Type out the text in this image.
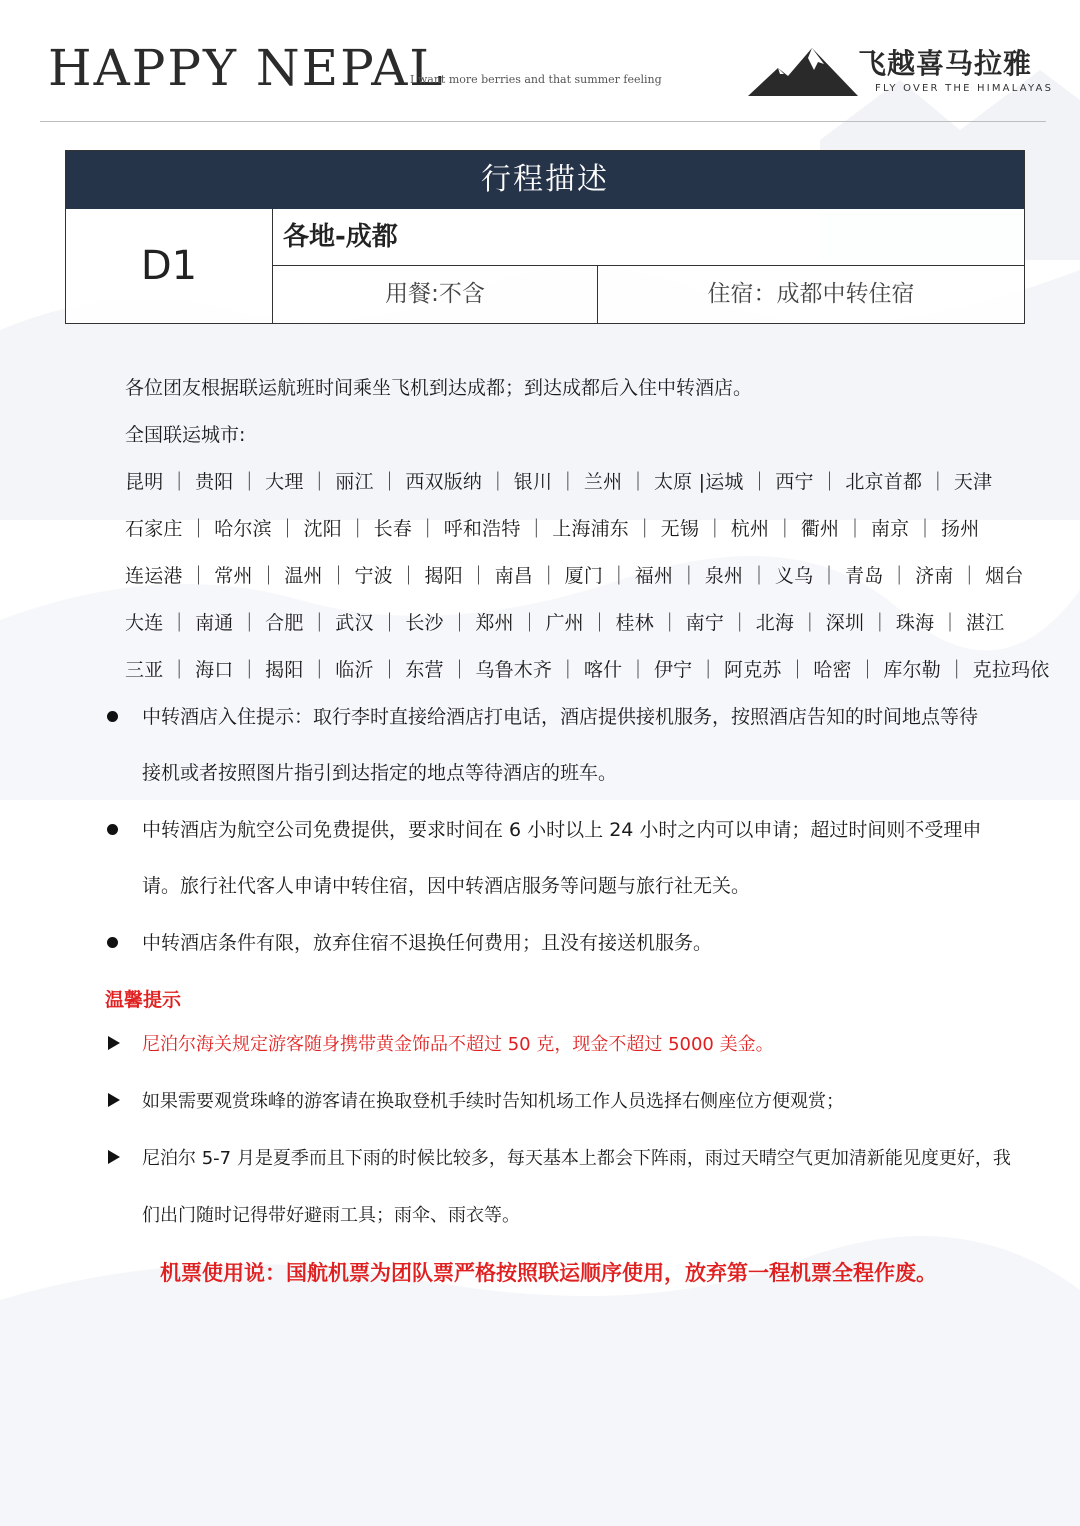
HAPPY NEPAL
I want more berries and that summer feeling	飞越喜马拉雅
FLY OVER THE HIMALAYAS
行程描述
D1
各地-成都
用餐:不含	住宿：成都中转住宿
各位团友根据联运航班时间乘坐飞机到达成都；到达成都后入住中转酒店。
全国联运城市:
昆明 ｜ 贵阳 ｜ 大理 ｜ 丽江 ｜ 西双版纳 ｜ 银川 ｜ 兰州 ｜ 太原 |运城 ｜ 西宁 ｜ 北京首都 ｜ 天津
石家庄 ｜ 哈尔滨 ｜ 沈阳 ｜ 长春 ｜ 呼和浩特 ｜ 上海浦东 ｜ 无锡 ｜ 杭州 ｜ 衢州 ｜ 南京 ｜ 扬州
连运港 ｜ 常州 ｜ 温州 ｜ 宁波 ｜ 揭阳 ｜ 南昌 ｜ 厦门 ｜ 福州 ｜ 泉州 ｜ 义乌 ｜ 青岛 ｜ 济南 ｜ 烟台
大连 ｜ 南通 ｜ 合肥 ｜ 武汉 ｜ 长沙 ｜ 郑州 ｜ 广州 ｜ 桂林 ｜ 南宁 ｜ 北海 ｜ 深圳 ｜ 珠海 ｜ 湛江
三亚 ｜ 海口 ｜ 揭阳 ｜ 临沂 ｜ 东营 ｜ 乌鲁木齐 ｜ 喀什 ｜ 伊宁 ｜ 阿克苏 ｜ 哈密 ｜ 库尔勒 ｜ 克拉玛依
中转酒店入住提示：取行李时直接给酒店打电话，酒店提供接机服务，按照酒店告知的时间地点等待
接机或者按照图片指引到达指定的地点等待酒店的班车。
中转酒店为航空公司免费提供，要求时间在 6 小时以上 24 小时之内可以申请；超过时间则不受理申
请。旅行社代客人申请中转住宿，因中转酒店服务等问题与旅行社无关。
中转酒店条件有限，放弃住宿不退换任何费用；且没有接送机服务。
温馨提示
尼泊尔海关规定游客随身携带黄金饰品不超过 50 克，现金不超过 5000 美金。
如果需要观赏珠峰的游客请在换取登机手续时告知机场工作人员选择右侧座位方便观赏；
尼泊尔 5-7 月是夏季而且下雨的时候比较多，每天基本上都会下阵雨，雨过天晴空气更加清新能见度更好，我
们出门随时记得带好避雨工具；雨伞、雨衣等。
机票使用说：国航机票为团队票严格按照联运顺序使用，放弃第一程机票全程作废。
